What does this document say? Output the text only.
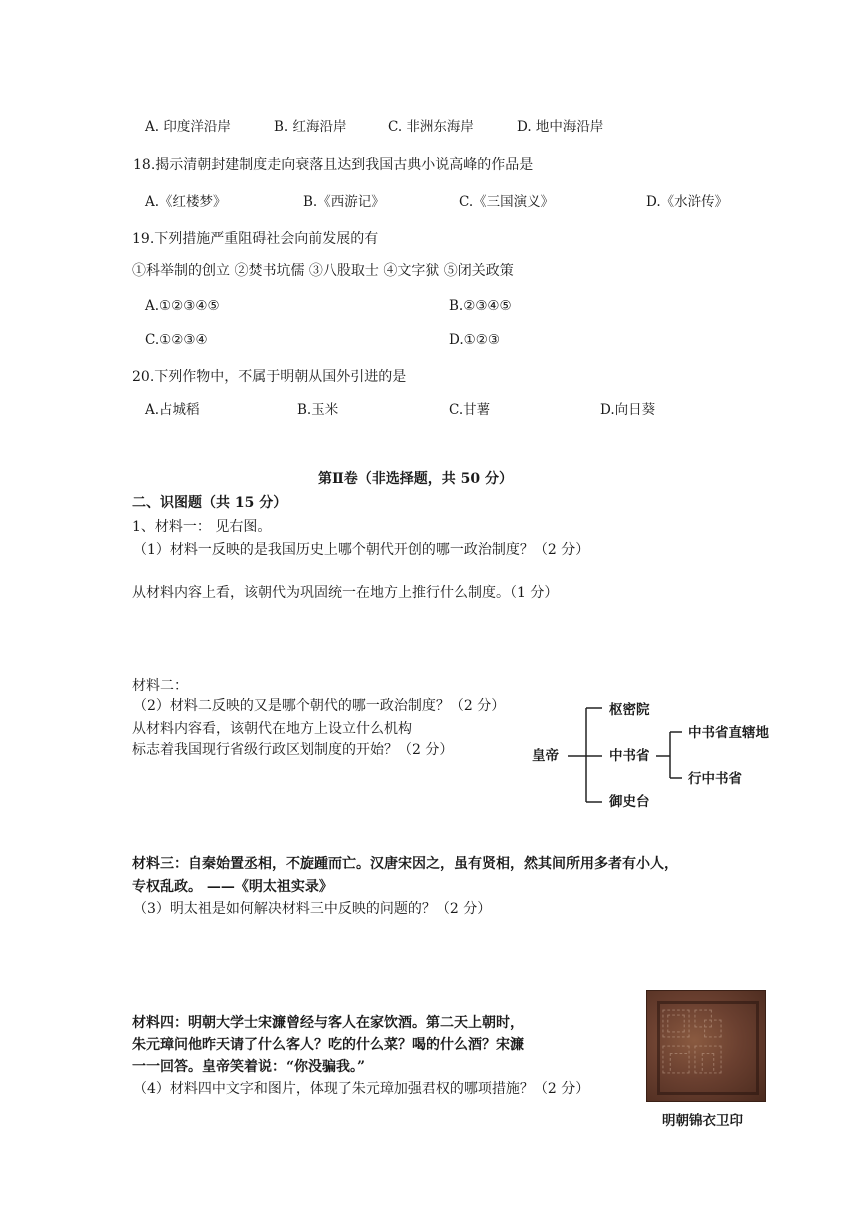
A. 印度洋沿岸	B. 红海沿岸	C. 非洲东海岸	D. 地中海沿岸
18.揭示清朝封建制度走向衰落且达到我国古典小说高峰的作品是
A.《红楼梦》	B.《西游记》	C.《三国演义》	D.《水浒传》
19.下列措施严重阻碍社会向前发展的有
①科举制的创立 ②焚书坑儒 ③八股取士 ④文字狱 ⑤闭关政策
A.①②③④⑤	B.②③④⑤
C.①②③④	D.①②③
20.下列作物中，不属于明朝从国外引进的是
A.占城稻	B.玉米	C.甘薯	D.向日葵
第Ⅱ卷（非选择题，共 50 分）
二、识图题（共 15 分）
1、材料一： 见右图。
（1）材料一反映的是我国历史上哪个朝代开创的哪一政治制度？（2 分）
从材料内容上看，该朝代为巩固统一在地方上推行什么制度。（1 分）
材料二：
（2）材料二反映的又是哪个朝代的哪一政治制度？（2 分）
从材料内容看，该朝代在地方上设立什么机构
标志着我国现行省级行政区划制度的开始？（2 分）	皇帝
枢密院
中书省
御史台
中书省直辖地
行中书省
材料三：自秦始置丞相，不旋踵而亡。汉唐宋因之，虽有贤相，然其间所用多者有小人，
专权乱政。 ——《明太祖实录》
（3）明太祖是如何解决材料三中反映的问题的？（2 分）
材料四：明朝大学士宋濂曾经与客人在家饮酒。第二天上朝时，
朱元璋问他昨天请了什么客人？吃的什么菜？喝的什么酒？宋濂
一一回答。皇帝笑着说：“你没骗我。”
（4）材料四中文字和图片，体现了朱元璋加强君权的哪项措施？（2 分）
⿴⿻
⿸⿵
明朝锦衣卫印
